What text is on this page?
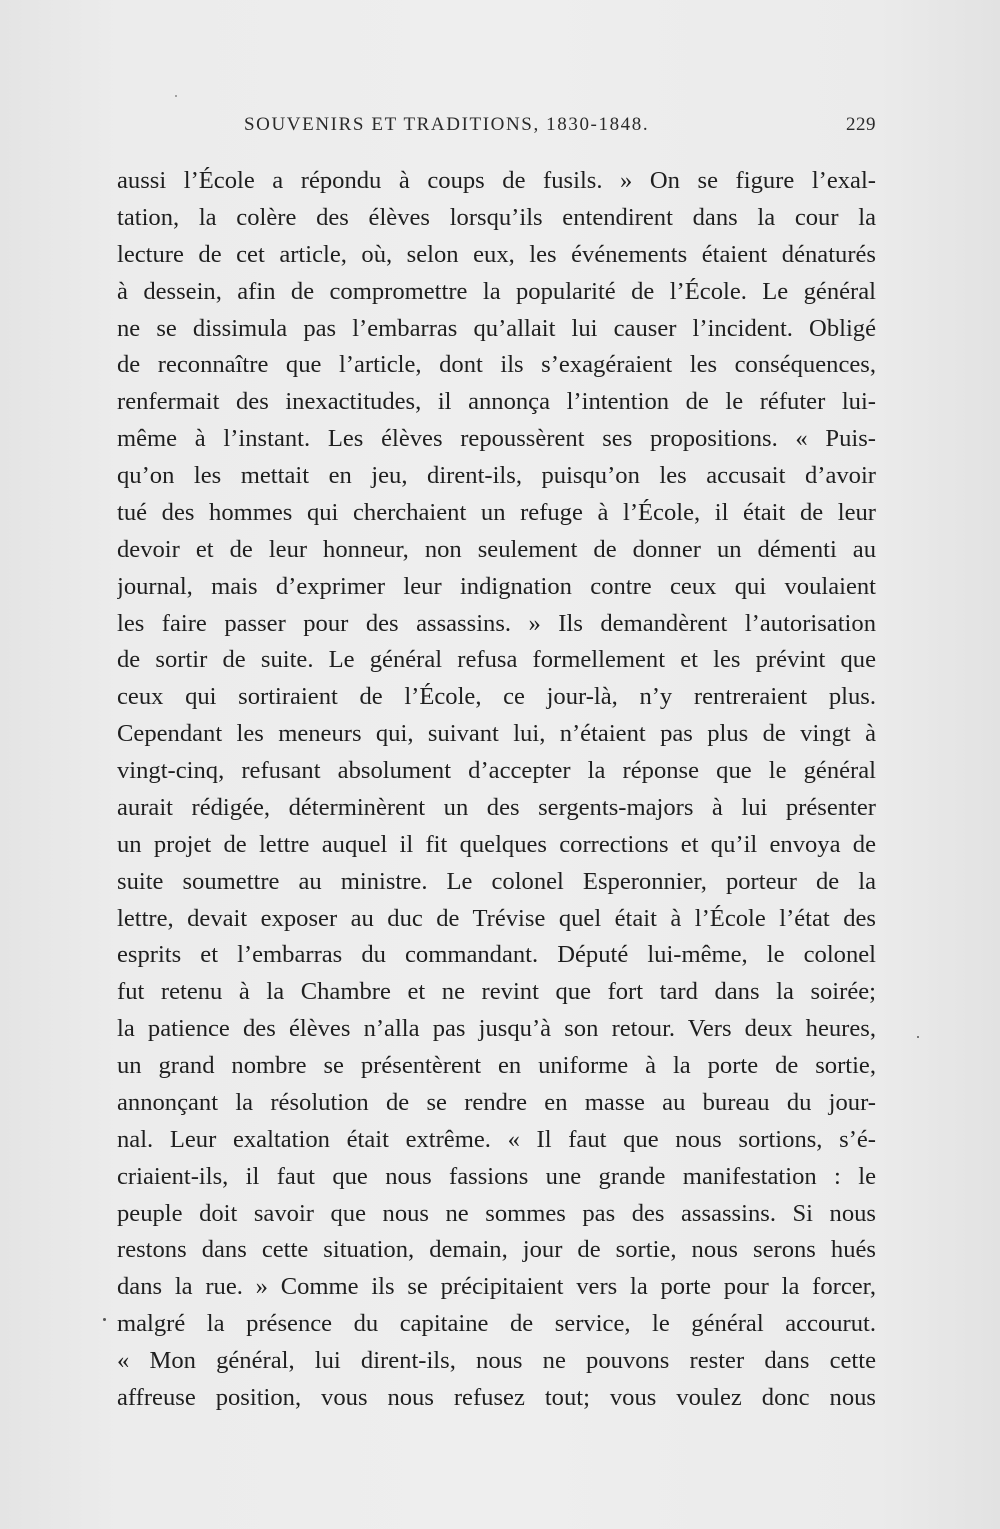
SOUVENIRS ET TRADITIONS, 1830-1848.	229
aussi l’École a répondu à coups de fusils. » On se figure l’exal-
tation, la colère des élèves lorsqu’ils entendirent dans la cour la
lecture de cet article, où, selon eux, les événements étaient dénaturés
à dessein, afin de compromettre la popularité de l’École. Le général
ne se dissimula pas l’embarras qu’allait lui causer l’incident. Obligé
de reconnaître que l’article, dont ils s’exagéraient les conséquences,
renfermait des inexactitudes, il annonça l’intention de le réfuter lui-
même à l’instant. Les élèves repoussèrent ses propositions. « Puis-
qu’on les mettait en jeu, dirent-ils, puisqu’on les accusait d’avoir
tué des hommes qui cherchaient un refuge à l’École, il était de leur
devoir et de leur honneur, non seulement de donner un démenti au
journal, mais d’exprimer leur indignation contre ceux qui voulaient
les faire passer pour des assassins. » Ils demandèrent l’autorisation
de sortir de suite. Le général refusa formellement et les prévint que
ceux qui sortiraient de l’École, ce jour-là, n’y rentreraient plus.
Cependant les meneurs qui, suivant lui, n’étaient pas plus de vingt à
vingt-cinq, refusant absolument d’accepter la réponse que le général
aurait rédigée, déterminèrent un des sergents-majors à lui présenter
un projet de lettre auquel il fit quelques corrections et qu’il envoya de
suite soumettre au ministre. Le colonel Esperonnier, porteur de la
lettre, devait exposer au duc de Trévise quel était à l’École l’état des
esprits et l’embarras du commandant. Député lui-même, le colonel
fut retenu à la Chambre et ne revint que fort tard dans la soirée;
la patience des élèves n’alla pas jusqu’à son retour. Vers deux heures,
un grand nombre se présentèrent en uniforme à la porte de sortie,
annonçant la résolution de se rendre en masse au bureau du jour-
nal. Leur exaltation était extrême. « Il faut que nous sortions, s’é-
criaient-ils, il faut que nous fassions une grande manifestation : le
peuple doit savoir que nous ne sommes pas des assassins. Si nous
restons dans cette situation, demain, jour de sortie, nous serons hués
dans la rue. » Comme ils se précipitaient vers la porte pour la forcer,
malgré la présence du capitaine de service, le général accourut.
« Mon général, lui dirent-ils, nous ne pouvons rester dans cette
affreuse position, vous nous refusez tout; vous voulez donc nous
